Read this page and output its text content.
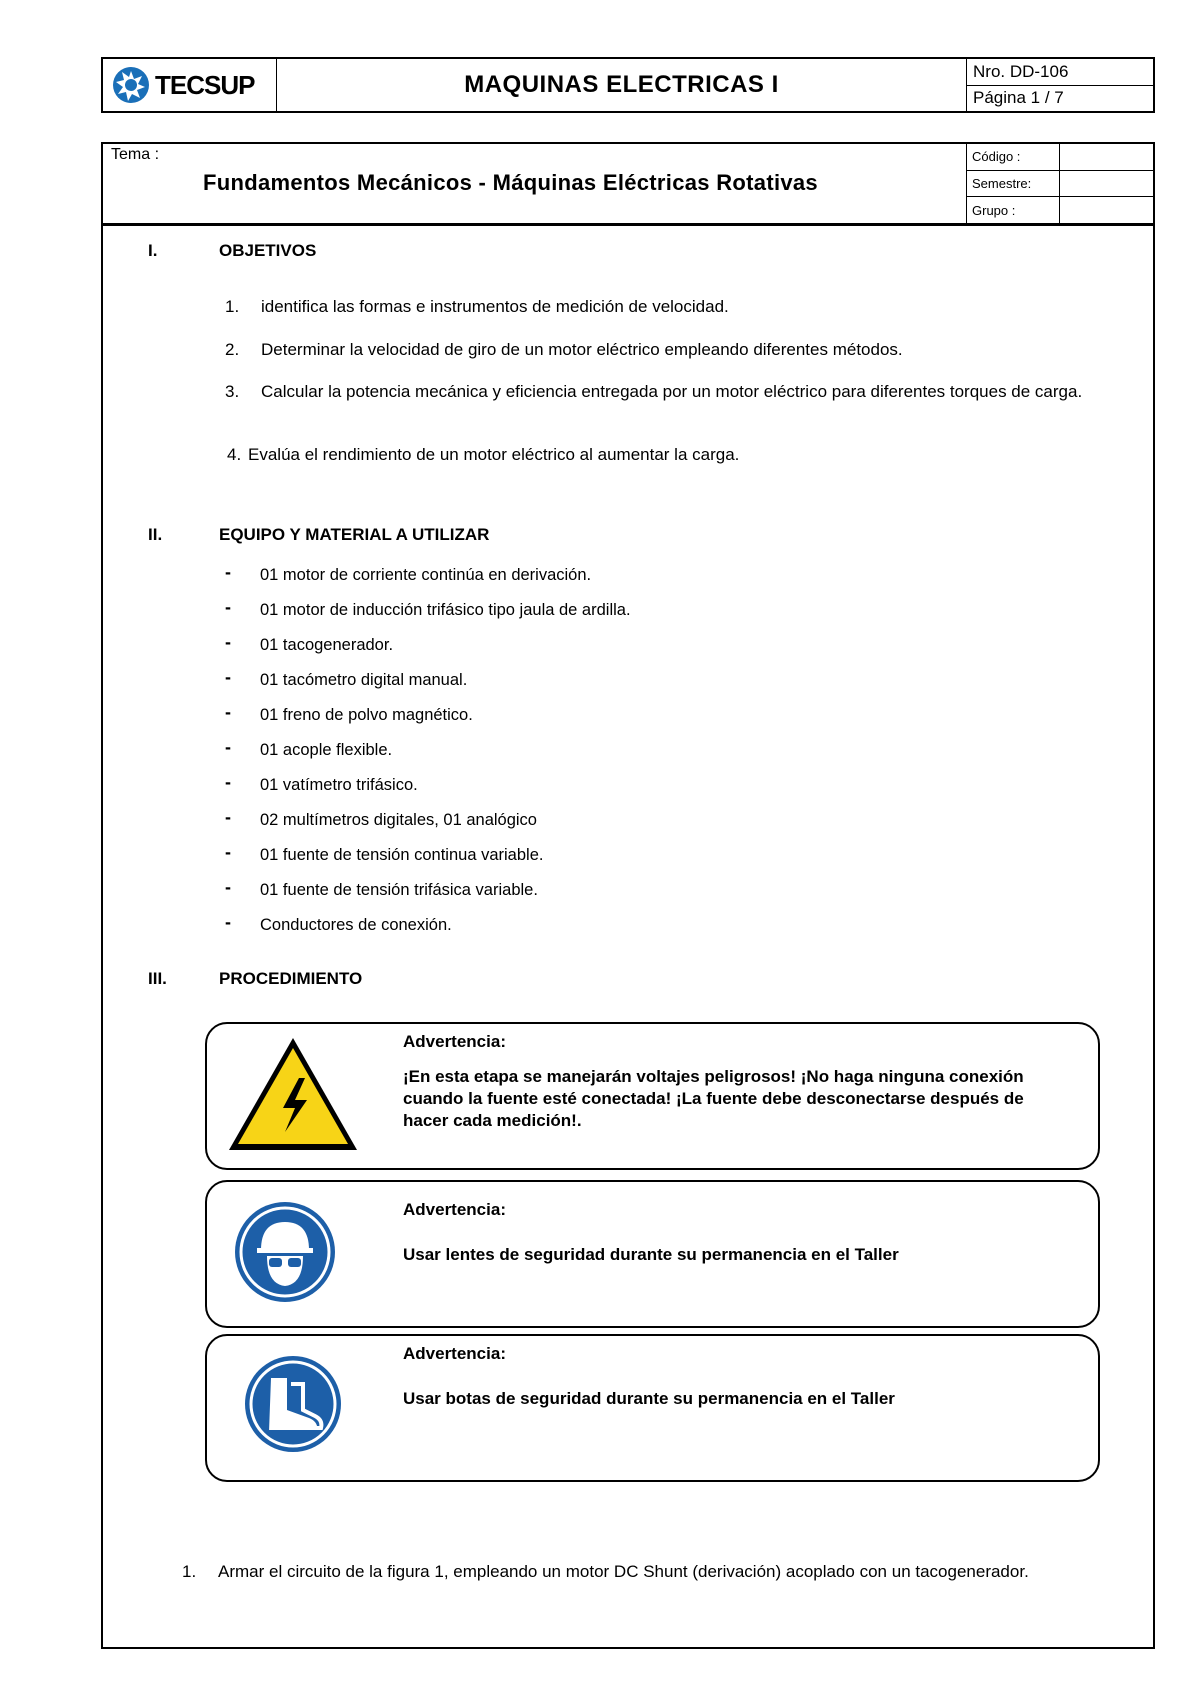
TECSUP	MAQUINAS ELECTRICAS I	Nro. DD-106
Página 1 / 7
Tema :
Fundamentos Mecánicos - Máquinas Eléctricas Rotativas
Código :
Semestre:
Grupo :
I.	OBJETIVOS
1. identifica las formas e instrumentos de medición de velocidad.
2. Determinar la velocidad de giro de un motor eléctrico empleando diferentes métodos.
3. Calcular la potencia mecánica y eficiencia entregada por un motor eléctrico para diferentes torques de carga.
4. Evalúa el rendimiento de un motor eléctrico al aumentar la carga.
II.	EQUIPO Y MATERIAL A UTILIZAR
- 01 motor de corriente continúa en derivación.
- 01 motor de inducción trifásico tipo jaula de ardilla.
- 01 tacogenerador.
- 01 tacómetro digital manual.
- 01 freno de polvo magnético.
- 01 acople flexible.
- 01 vatímetro trifásico.
- 02 multímetros digitales, 01 analógico
- 01 fuente de tensión continua variable.
- 01 fuente de tensión trifásica variable.
- Conductores de conexión.
III.	PROCEDIMIENTO
Advertencia:
¡En esta etapa se manejarán voltajes peligrosos! ¡No haga ninguna conexión cuando la fuente esté conectada! ¡La fuente debe desconectarse después de hacer cada medición!.
Advertencia:
Usar lentes de seguridad durante su permanencia en el Taller
Advertencia:
Usar botas de seguridad durante su permanencia en el Taller
1. Armar el circuito de la figura 1, empleando un motor DC Shunt (derivación) acoplado con un tacogenerador.
